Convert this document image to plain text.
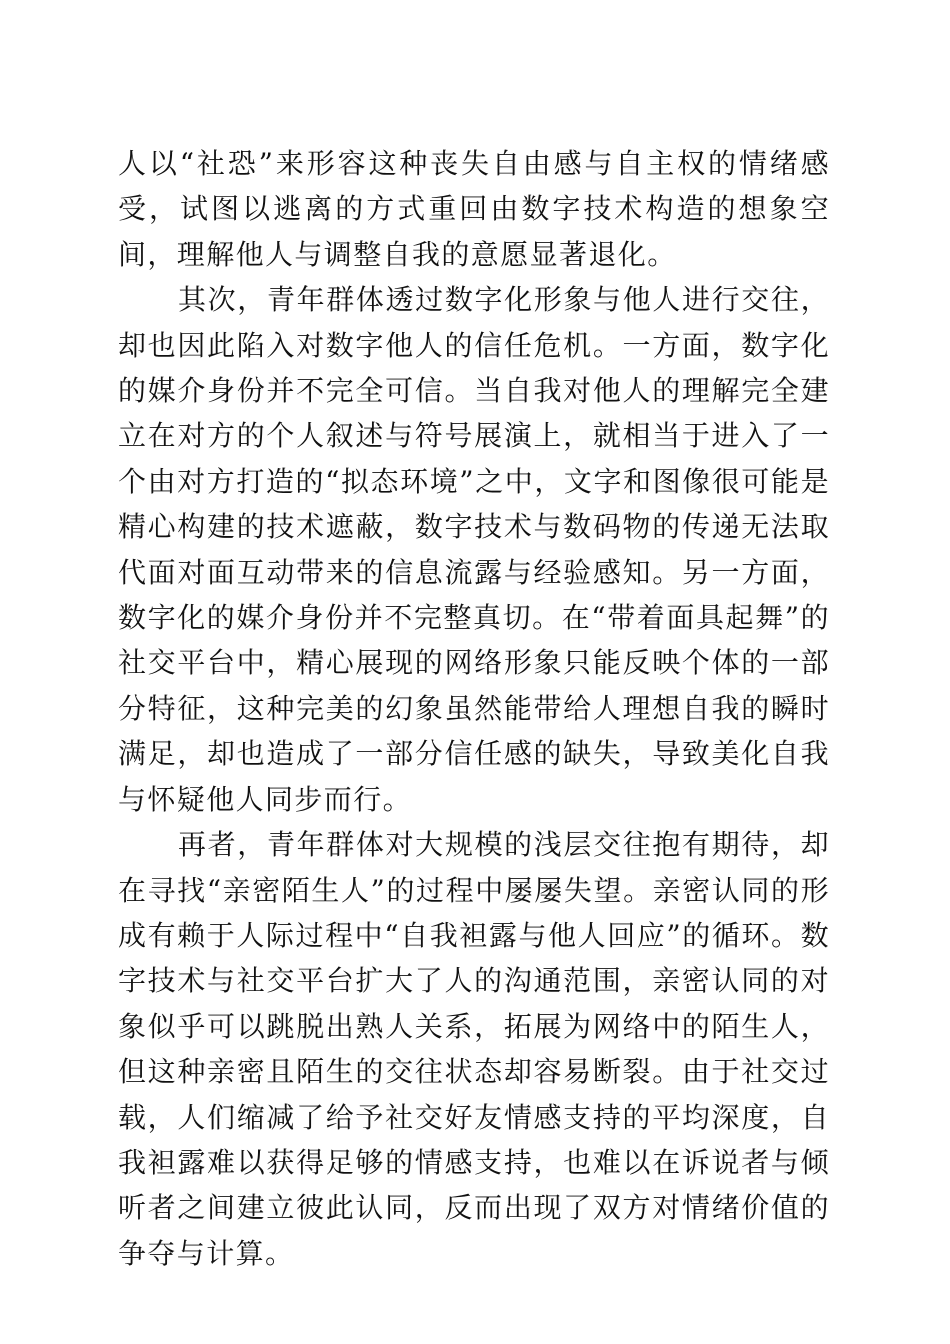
人以“社恐”来形容这种丧失自由感与自主权的情绪感受，试图以逃离的方式重回由数字技术构造的想象空间，理解他人与调整自我的意愿显著退化。

其次，青年群体透过数字化形象与他人进行交往，却也因此陷入对数字他人的信任危机。一方面，数字化的媒介身份并不完全可信。当自我对他人的理解完全建立在对方的个人叙述与符号展演上，就相当于进入了一个由对方打造的“拟态环境”之中，文字和图像很可能是精心构建的技术遮蔽，数字技术与数码物的传递无法取代面对面互动带来的信息流露与经验感知。另一方面，数字化的媒介身份并不完整真切。在“带着面具起舞”的社交平台中，精心展现的网络形象只能反映个体的一部分特征，这种完美的幻象虽然能带给人理想自我的瞬时满足，却也造成了一部分信任感的缺失，导致美化自我与怀疑他人同步而行。

再者，青年群体对大规模的浅层交往抱有期待，却在寻找“亲密陌生人”的过程中屡屡失望。亲密认同的形成有赖于人际过程中“自我袒露与他人回应”的循环。数字技术与社交平台扩大了人的沟通范围，亲密认同的对象似乎可以跳脱出熟人关系，拓展为网络中的陌生人，但这种亲密且陌生的交往状态却容易断裂。由于社交过载，人们缩减了给予社交好友情感支持的平均深度，自我袒露难以获得足够的情感支持，也难以在诉说者与倾听者之间建立彼此认同，反而出现了双方对情绪价值的争夺与计算。
